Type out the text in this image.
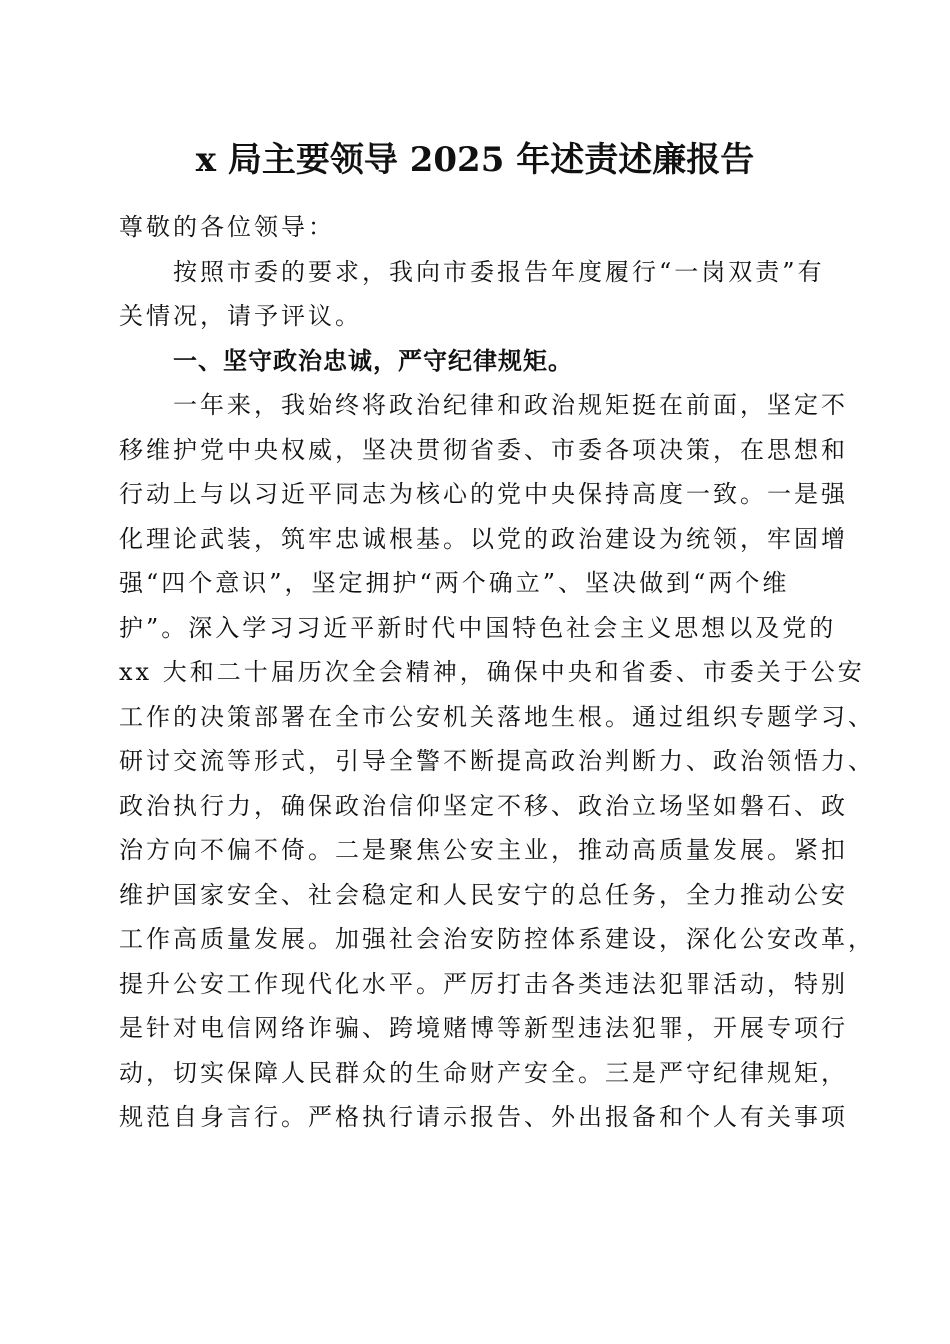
x 局主要领导 2025 年述责述廉报告
尊敬的各位领导：
按照市委的要求，我向市委报告年度履行“一岗双责”有
关情况，请予评议。
一、坚守政治忠诚，严守纪律规矩。
一年来，我始终将政治纪律和政治规矩挺在前面，坚定不
移维护党中央权威，坚决贯彻省委、市委各项决策，在思想和
行动上与以习近平同志为核心的党中央保持高度一致。一是强
化理论武装，筑牢忠诚根基。以党的政治建设为统领，牢固增
强“四个意识”，坚定拥护“两个确立”、坚决做到“两个维
护”。深入学习习近平新时代中国特色社会主义思想以及党的
xx 大和二十届历次全会精神，确保中央和省委、市委关于公安
工作的决策部署在全市公安机关落地生根。通过组织专题学习、
研讨交流等形式，引导全警不断提高政治判断力、政治领悟力、
政治执行力，确保政治信仰坚定不移、政治立场坚如磐石、政
治方向不偏不倚。二是聚焦公安主业，推动高质量发展。紧扣
维护国家安全、社会稳定和人民安宁的总任务，全力推动公安
工作高质量发展。加强社会治安防控体系建设，深化公安改革，
提升公安工作现代化水平。严厉打击各类违法犯罪活动，特别
是针对电信网络诈骗、跨境赌博等新型违法犯罪，开展专项行
动，切实保障人民群众的生命财产安全。三是严守纪律规矩，
规范自身言行。严格执行请示报告、外出报备和个人有关事项
